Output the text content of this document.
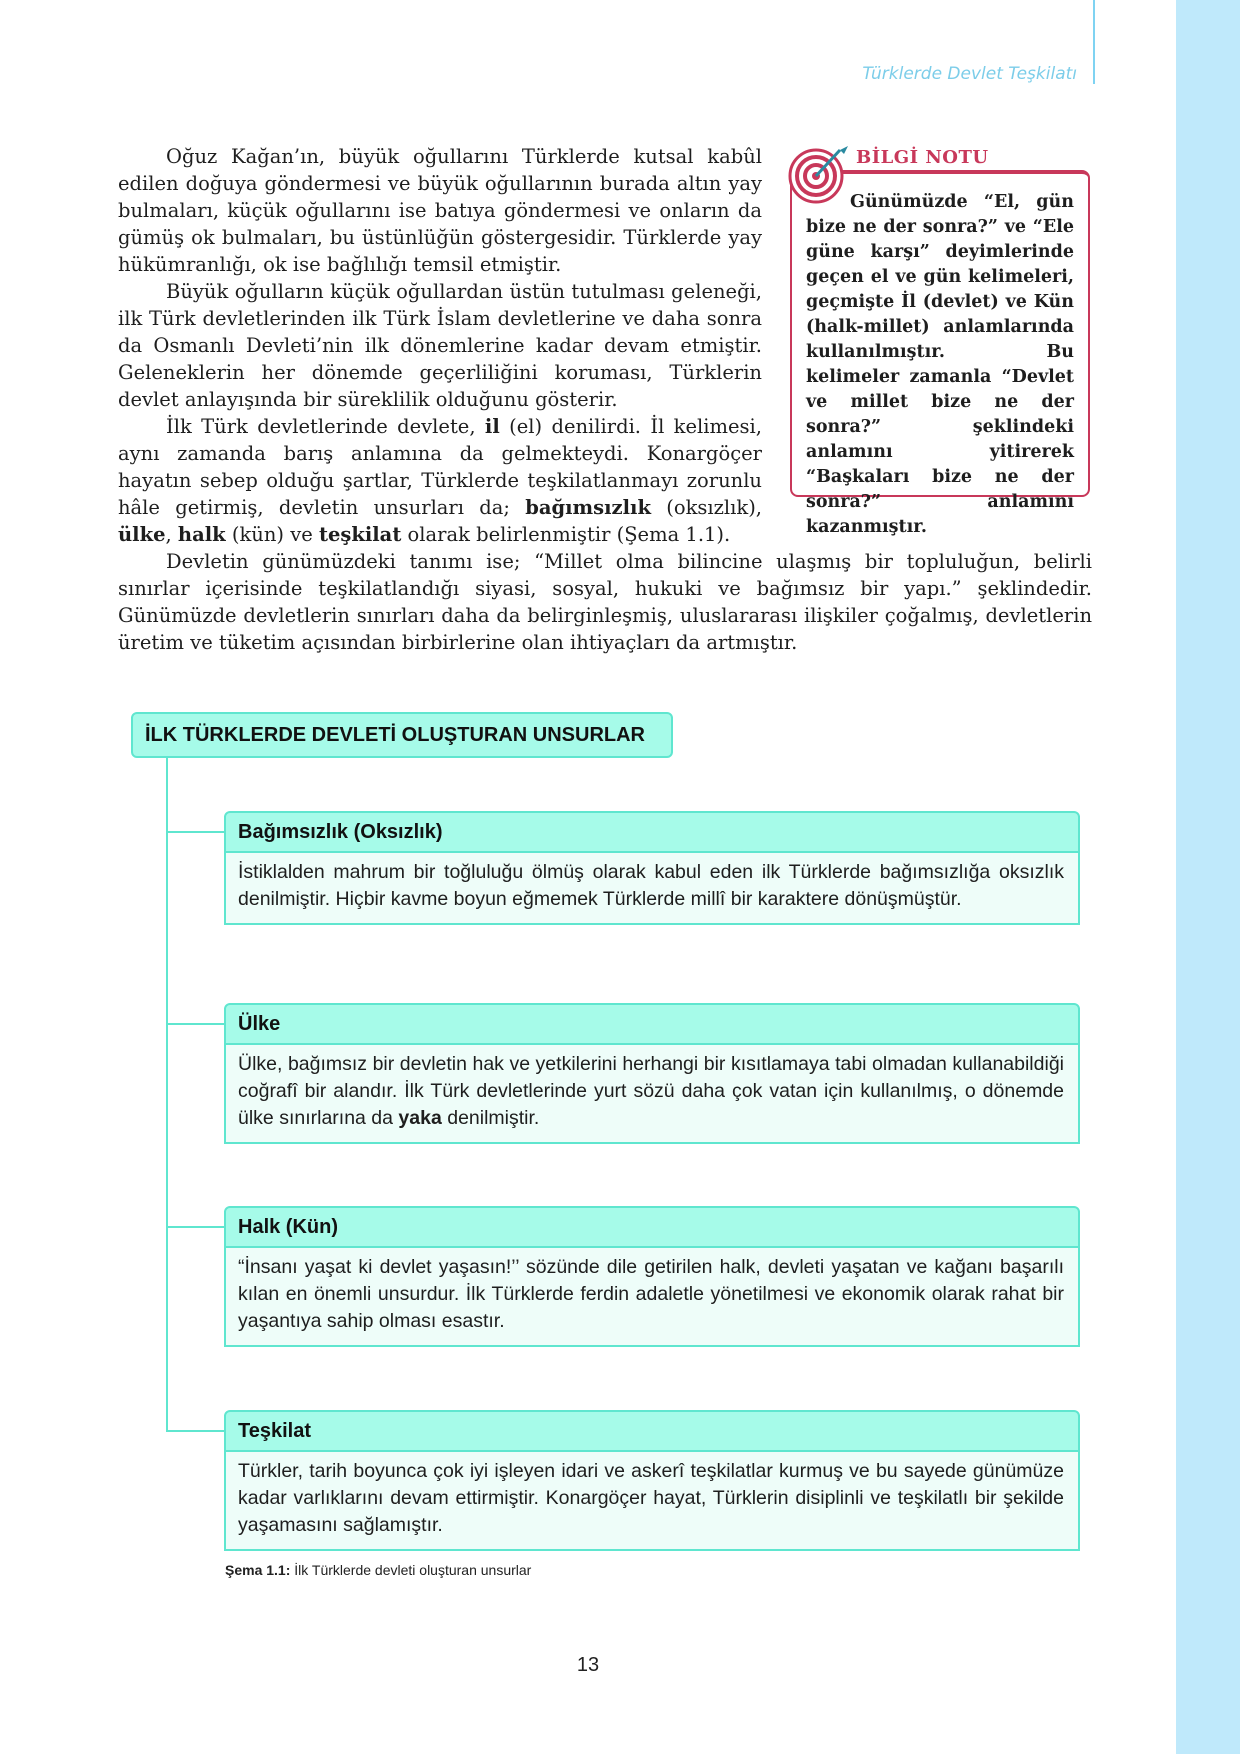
Türklerde Devlet Teşkilatı

Oğuz Kağan’ın, büyük oğullarını Türklerde kutsal kabûl edilen doğuya göndermesi ve büyük oğullarının burada altın yay bulmaları, küçük oğullarını ise batıya göndermesi ve onların da gümüş ok bulmaları, bu üstünlüğün göstergesidir. Türklerde yay hükümranlığı, ok ise bağlılığı temsil etmiştir.

Büyük oğulların küçük oğullardan üstün tutulması geleneği, ilk Türk devletlerinden ilk Türk İslam devletlerine ve daha sonra da Osmanlı Devleti’nin ilk dönemlerine kadar devam etmiştir. Geleneklerin her dönemde geçerliliğini koruması, Türklerin devlet anlayışında bir süreklilik olduğunu gösterir.

İlk Türk devletlerinde devlete, il (el) denilirdi. İl kelimesi, aynı zamanda barış anlamına da gelmekteydi. Konargöçer hayatın sebep olduğu şartlar, Türklerde teşkilatlanmayı zorunlu hâle getirmiş, devletin unsurları da; bağımsızlık (oksızlık), ülke, halk (kün) ve teşkilat olarak belirlenmiştir (Şema 1.1).

Devletin günümüzdeki tanımı ise; “Millet olma bilincine ulaşmış bir topluluğun, belirli sınırlar içerisinde teşkilatlandığı siyasi, sosyal, hukuki ve bağımsız bir yapı.” şeklindedir. Günümüzde devletlerin sınırları daha da belirginleşmiş, uluslararası ilişkiler çoğalmış, devletlerin üretim ve tüketim açısından birbirlerine olan ihtiyaçları da artmıştır.

Günümüzde “El, gün bize ne der sonra?” ve “Ele güne karşı” deyimlerinde geçen el ve gün kelimeleri, geçmişte İl (devlet) ve Kün (halk-millet) anlamlarında kullanılmıştır. Bu kelimeler zamanla “Devlet ve millet bize ne der sonra?” şeklindeki anlamını yitirerek “Başkaları bize ne der sonra?” anlamını kazanmıştır.
BİLGİ NOTU
İLK TÜRKLERDE DEVLETİ OLUŞTURAN UNSURLAR
Bağımsızlık (Oksızlık)
İstiklalden mahrum bir toğluluğu ölmüş olarak kabul eden ilk Türklerde bağımsızlığa oksızlık denilmiştir. Hiçbir kavme boyun eğmemek Türklerde millî bir karaktere dönüşmüştür.
Ülke
Ülke, bağımsız bir devletin hak ve yetkilerini herhangi bir kısıtlamaya tabi olmadan kullanabildiği coğrafî bir alandır. İlk Türk devletlerinde yurt sözü daha çok vatan için kullanılmış, o dönemde ülke sınırlarına da yaka denilmiştir.
Halk (Kün)
“İnsanı yaşat ki devlet yaşasın!’’ sözünde dile getirilen halk, devleti yaşatan ve kağanı başarılı kılan en önemli unsurdur. İlk Türklerde ferdin adaletle yönetilmesi ve ekonomik olarak rahat bir yaşantıya sahip olması esastır.
Teşkilat
Türkler, tarih boyunca çok iyi işleyen idari ve askerî teşkilatlar kurmuş ve bu sayede günümüze kadar varlıklarını devam ettirmiştir. Konargöçer hayat, Türklerin disiplinli ve teşkilatlı bir şekilde yaşamasını sağlamıştır.
Şema 1.1: İlk Türklerde devleti oluşturan unsurlar
13
